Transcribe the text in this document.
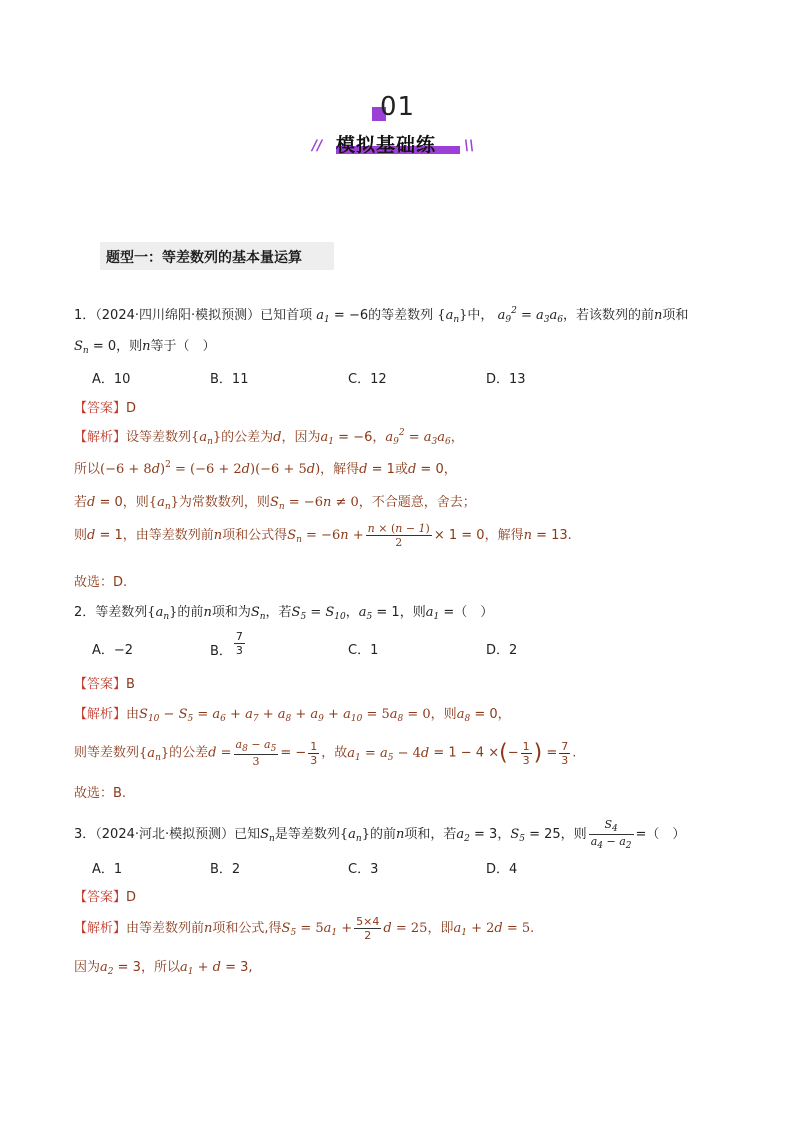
01
// 模拟基础练 \\
题型一：等差数列的基本量运算
1．（2024·四川绵阳·模拟预测）已知首项 $a_1 = -6$的等差数列 $\{a_n\}$中， $a_9^2 = a_3a_6$，若该数列的前n项和
$S_n = 0$，则n等于（　）
A．10	B．11	C．12	D．13
【答案】D
【解析】设等差数列$\{a_n\}$的公差为d，因为$a_1 = -6$，$a_9^2 = a_3a_6$，
所以$(-6 + 8d)^2 = (-6 + 2d)(-6 + 5d)$，解得d = 1或d = 0，
若d = 0，则$\{a_n\}$为常数数列，则$S_n = -6n \ne 0$，不合题意，舍去；
则d = 1，由等差数列前n项和公式得$S_n = -6n + \frac{n \times (n - 1)}{2} \times 1 = 0$，解得n = 13.
故选：D.
2．等差数列$\{a_n\}$的前n项和为$S_n$，若$S_5 = S_{10}$，$a_5 = 1$，则$a_1$ =（　）
A．−2	B． $\frac{7}{3}$	C．1	D．2
【答案】B
【解析】由$S_{10} - S_5 = a_6 + a_7 + a_8 + a_9 + a_{10} = 5a_8 = 0$，则$a_8 = 0$，
则等差数列$\{a_n\}$的公差$d = \frac{a_8 - a_5}{3}$ = − $\frac{1}{3}$ ，故$a_1 = a_5 - 4d = 1 - 4$ ×(− $\frac{1}{3}$ ) = $\frac{7}{3}$ .
故选：B.
3．（2024·河北·模拟预测）已知$S_n$是等差数列$\{a_n\}$的前n项和，若$a_2 = 3$，$S_5 = 25$，则 $\frac{S_4}{a_4 - a_2}$ =（　）
A．1	B．2	C．3	D．4
【答案】D
【解析】由等差数列前n项和公式,得$S_5 = 5a_1 + \frac{5\times 4}{2}$ d = 25，即$a_1 + 2d = 5$.
因为$a_2 = 3$，所以$a_1 + d = 3$,
